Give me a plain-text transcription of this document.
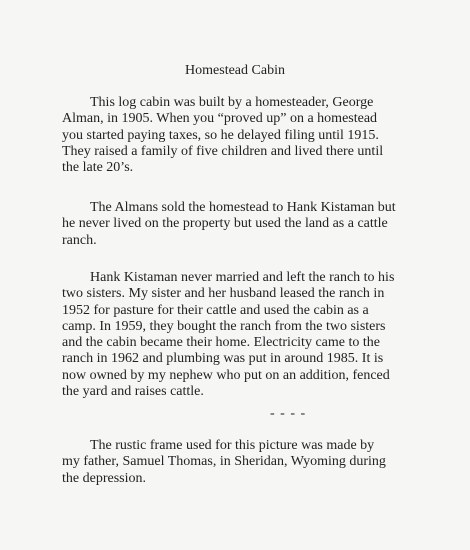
Homestead Cabin

This log cabin was built by a homesteader, George
Alman, in 1905. When you “proved up” on a homestead
you started paying taxes, so he delayed filing until 1915.
They raised a family of five children and lived there until
the late 20’s.

The Almans sold the homestead to Hank Kistaman but
he never lived on the property but used the land as a cattle
ranch.

Hank Kistaman never married and left the ranch to his
two sisters. My sister and her husband leased the ranch in
1952 for pasture for their cattle and used the cabin as a
camp. In 1959, they bought the ranch from the two sisters
and the cabin became their home. Electricity came to the
ranch in 1962 and plumbing was put in around 1985. It is
now owned by my nephew who put on an addition, fenced
the yard and raises cattle.

- - - -

The rustic frame used for this picture was made by
my father, Samuel Thomas, in Sheridan, Wyoming during
the depression.
